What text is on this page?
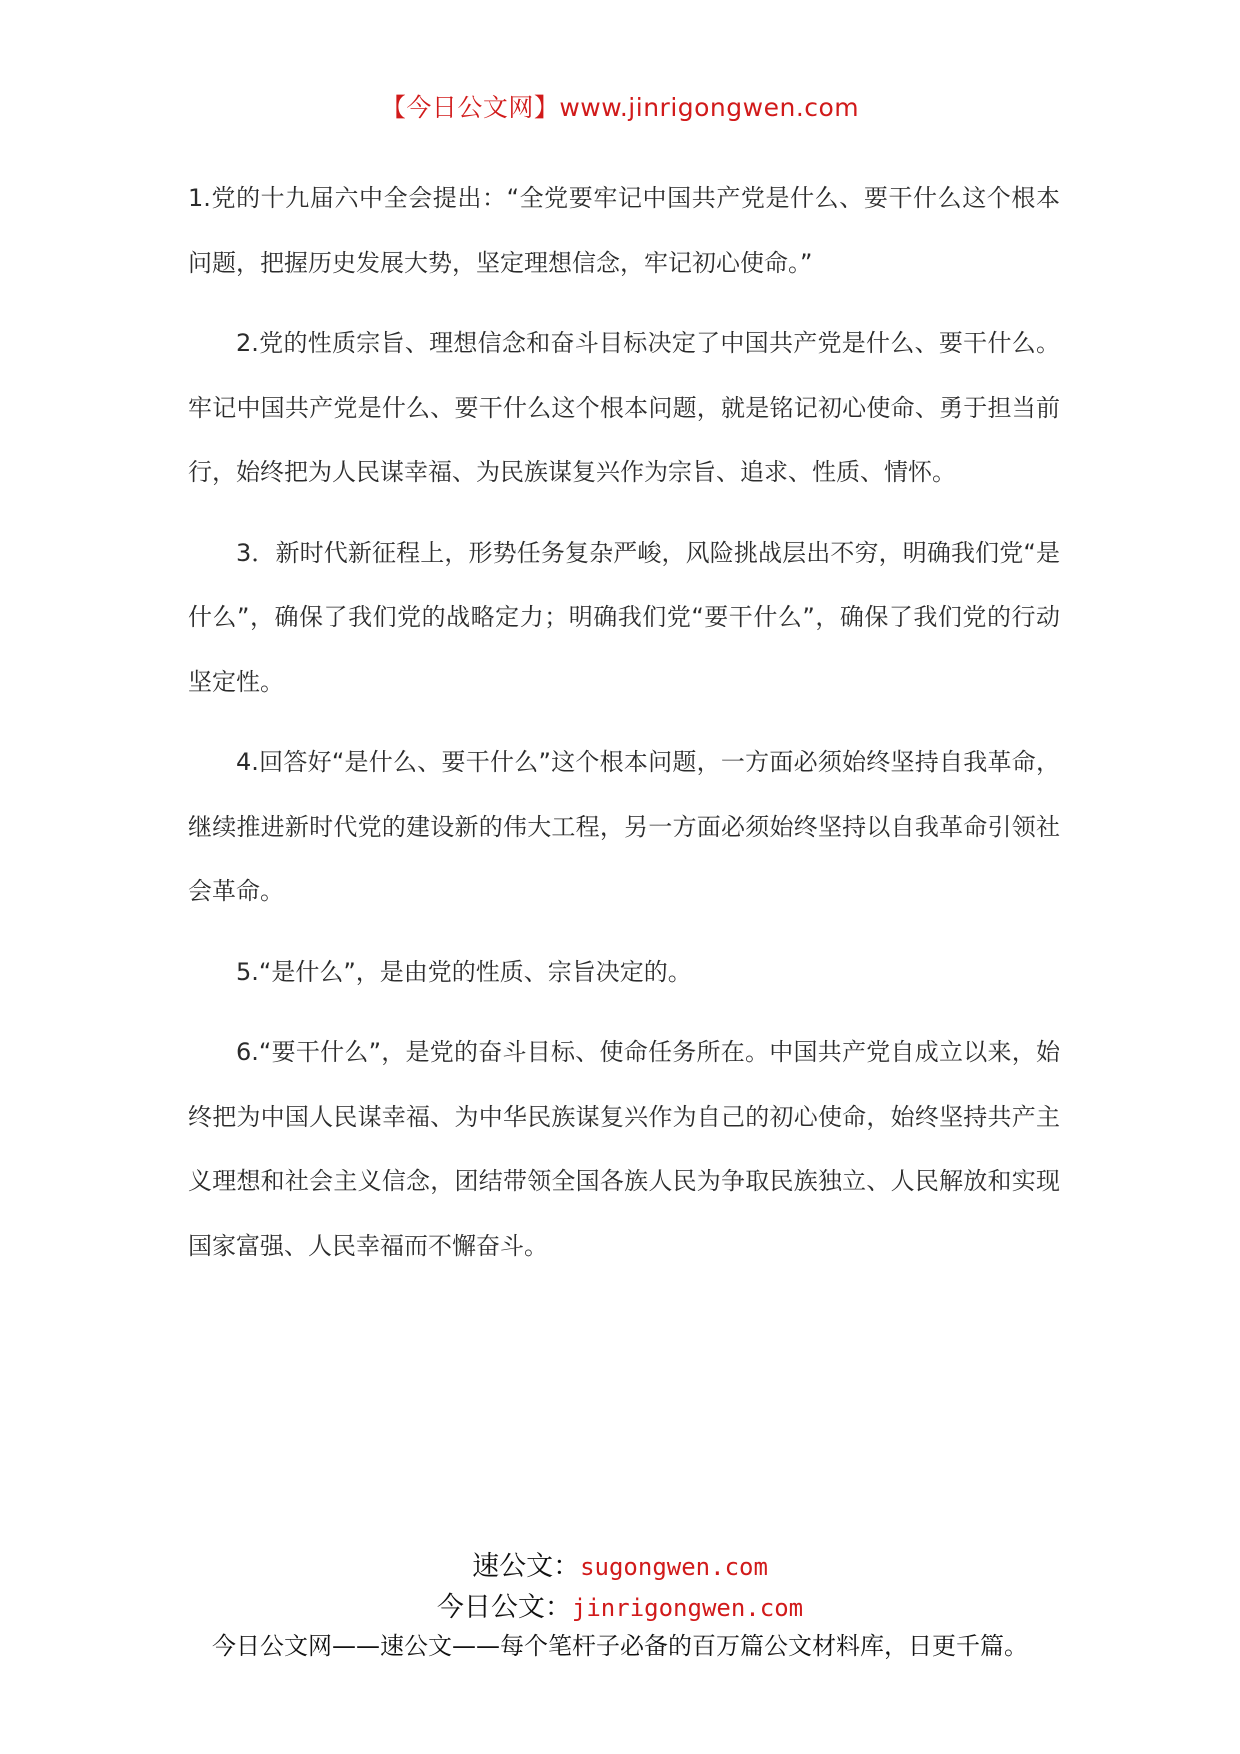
【今日公文网】www.jinrigongwen.com

1.党的十九届六中全会提出：“全党要牢记中国共产党是什么、要干什么这个根本问题，把握历史发展大势，坚定理想信念，牢记初心使命。”

2.党的性质宗旨、理想信念和奋斗目标决定了中国共产党是什么、要干什么。牢记中国共产党是什么、要干什么这个根本问题，就是铭记初心使命、勇于担当前行，始终把为人民谋幸福、为民族谋复兴作为宗旨、追求、性质、情怀。

3．新时代新征程上，形势任务复杂严峻，风险挑战层出不穷，明确我们党“是什么”，确保了我们党的战略定力；明确我们党“要干什么”，确保了我们党的行动坚定性。

4.回答好“是什么、要干什么”这个根本问题，一方面必须始终坚持自我革命，继续推进新时代党的建设新的伟大工程，另一方面必须始终坚持以自我革命引领社会革命。

5.“是什么”，是由党的性质、宗旨决定的。

6.“要干什么”，是党的奋斗目标、使命任务所在。中国共产党自成立以来，始终把为中国人民谋幸福、为中华民族谋复兴作为自己的初心使命，始终坚持共产主义理想和社会主义信念，团结带领全国各族人民为争取民族独立、人民解放和实现国家富强、人民幸福而不懈奋斗。

速公文：sugongwen.com
今日公文：jinrigongwen.com
今日公文网——速公文——每个笔杆子必备的百万篇公文材料库，日更千篇。
